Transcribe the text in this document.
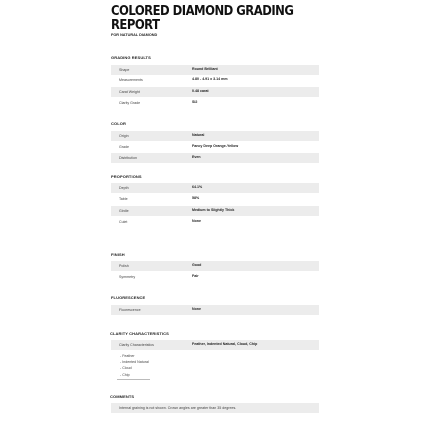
COLORED DIAMOND GRADING
REPORT
FOR NATURAL DIAMOND
GRADING RESULTS
Shape	Round Brilliant
Measurements	4.80 - 4.91 x 3.14 mm
Carat Weight	0.48 carat
Clarity Grade	SI2
COLOR
Origin	Natural
Grade	Fancy Deep Orange-Yellow
Distribution	Even
PROPORTIONS
Depth	64.1%
Table	58%
Girdle	Medium to Slightly Thick
Culet	None
FINISH
Polish	Good
Symmetry	Fair
FLUORESCENCE
Fluorescence	None
CLARITY CHARACTERISTICS
Clarity Characteristics	Feather, Indented Natural, Cloud, Chip
- Feather
- Indented Natural
- Cloud
- Chip
COMMENTS
Internal graining is not shown. Crown angles are greater than 35 degrees.
